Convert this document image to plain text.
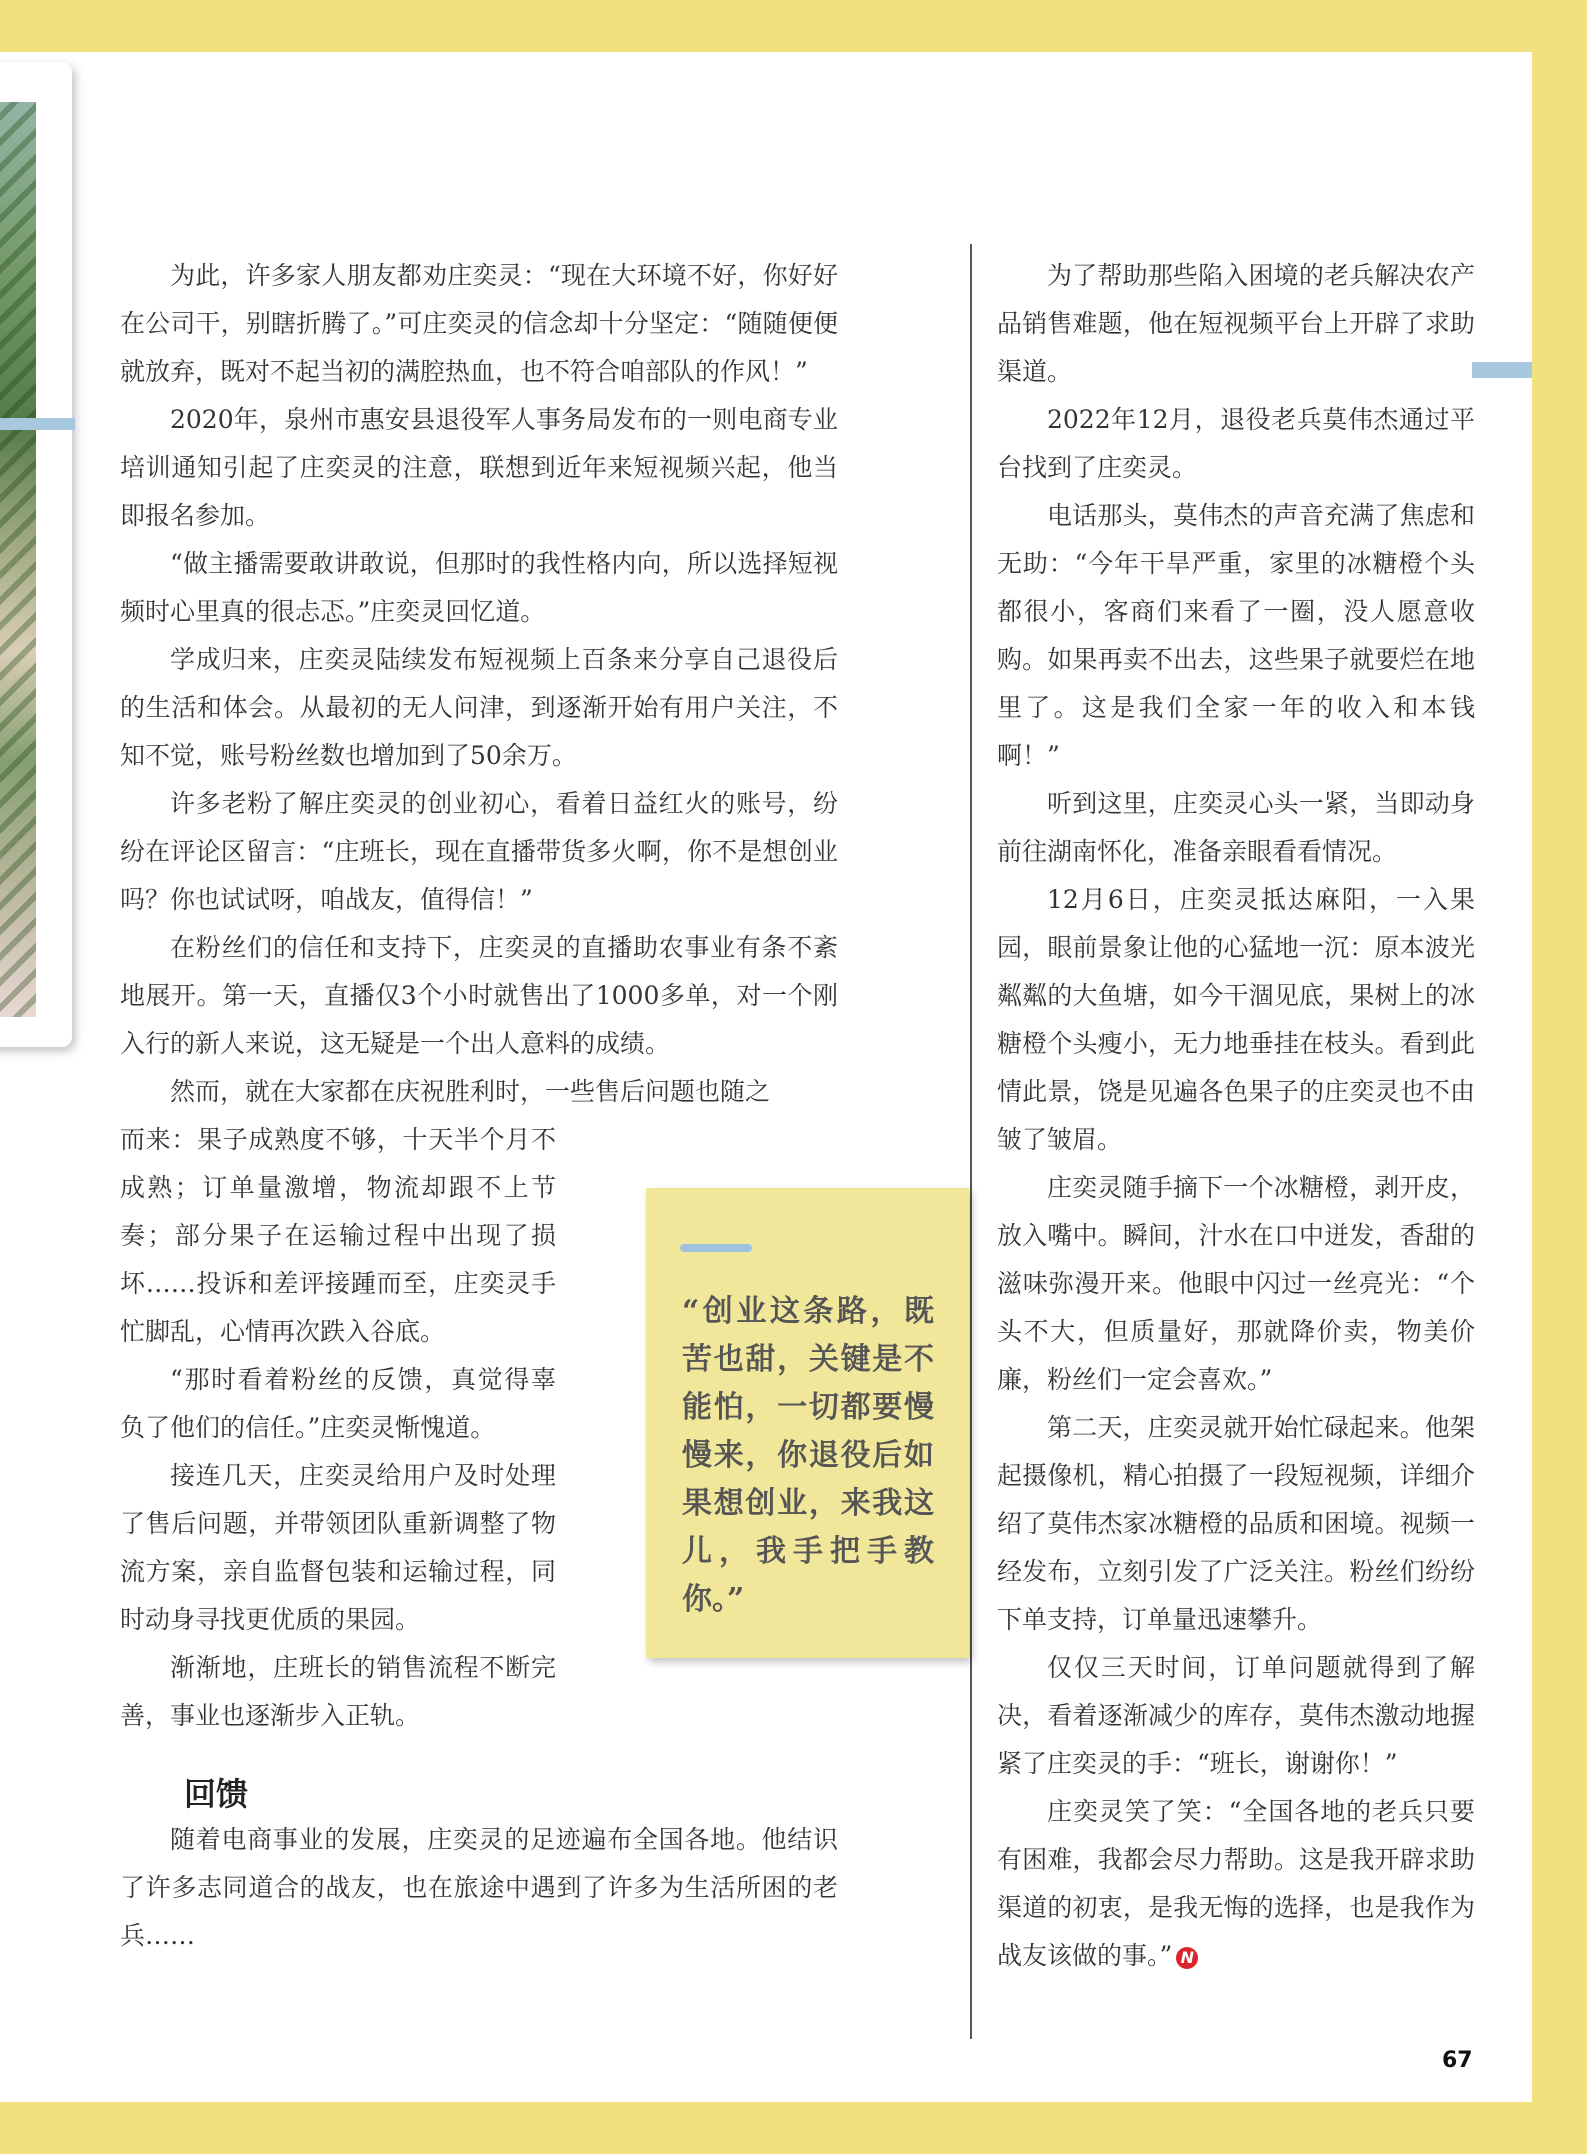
为此，许多家人朋友都劝庄奕灵：“现在大环境不好，你好好在公司干，别瞎折腾了。”可庄奕灵的信念却十分坚定：“随随便便就放弃，既对不起当初的满腔热血，也不符合咱部队的作风！”

2020年，泉州市惠安县退役军人事务局发布的一则电商专业培训通知引起了庄奕灵的注意，联想到近年来短视频兴起，他当即报名参加。

“做主播需要敢讲敢说，但那时的我性格内向，所以选择短视频时心里真的很忐忑。”庄奕灵回忆道。

学成归来，庄奕灵陆续发布短视频上百条来分享自己退役后的生活和体会。从最初的无人问津，到逐渐开始有用户关注，不知不觉，账号粉丝数也增加到了50余万。

许多老粉了解庄奕灵的创业初心，看着日益红火的账号，纷纷在评论区留言：“庄班长，现在直播带货多火啊，你不是想创业吗？你也试试呀，咱战友，值得信！”

在粉丝们的信任和支持下，庄奕灵的直播助农事业有条不紊地展开。第一天，直播仅3个小时就售出了1000多单，对一个刚入行的新人来说，这无疑是一个出人意料的成绩。

然而，就在大家都在庆祝胜利时，一些售后问题也随之

而来：果子成熟度不够，十天半个月不成熟；订单量激增，物流却跟不上节奏；部分果子在运输过程中出现了损坏……投诉和差评接踵而至，庄奕灵手忙脚乱，心情再次跌入谷底。

“那时看着粉丝的反馈，真觉得辜负了他们的信任。”庄奕灵惭愧道。

接连几天，庄奕灵给用户及时处理了售后问题，并带领团队重新调整了物流方案，亲自监督包装和运输过程，同时动身寻找更优质的果园。

渐渐地，庄班长的销售流程不断完善，事业也逐渐步入正轨。

回馈

随着电商事业的发展，庄奕灵的足迹遍布全国各地。他结识了许多志同道合的战友，也在旅途中遇到了许多为生活所困的老兵……

为了帮助那些陷入困境的老兵解决农产品销售难题，他在短视频平台上开辟了求助渠道。

2022年12月，退役老兵莫伟杰通过平台找到了庄奕灵。

电话那头，莫伟杰的声音充满了焦虑和无助：“今年干旱严重，家里的冰糖橙个头都很小，客商们来看了一圈，没人愿意收购。如果再卖不出去，这些果子就要烂在地里了。这是我们全家一年的收入和本钱啊！”

听到这里，庄奕灵心头一紧，当即动身前往湖南怀化，准备亲眼看看情况。

12月6日，庄奕灵抵达麻阳，一入果园，眼前景象让他的心猛地一沉：原本波光粼粼的大鱼塘，如今干涸见底，果树上的冰糖橙个头瘦小，无力地垂挂在枝头。看到此情此景，饶是见遍各色果子的庄奕灵也不由皱了皱眉。

庄奕灵随手摘下一个冰糖橙，剥开皮，放入嘴中。瞬间，汁水在口中迸发，香甜的滋味弥漫开来。他眼中闪过一丝亮光：“个头不大，但质量好，那就降价卖，物美价廉，粉丝们一定会喜欢。”

第二天，庄奕灵就开始忙碌起来。他架起摄像机，精心拍摄了一段短视频，详细介绍了莫伟杰家冰糖橙的品质和困境。视频一经发布，立刻引发了广泛关注。粉丝们纷纷下单支持，订单量迅速攀升。

仅仅三天时间，订单问题就得到了解决，看着逐渐减少的库存，莫伟杰激动地握紧了庄奕灵的手：“班长，谢谢你！”

庄奕灵笑了笑：“全国各地的老兵只要有困难，我都会尽力帮助。这是我开辟求助渠道的初衷，是我无悔的选择，也是我作为战友该做的事。” N

“创业这条路，既苦也甜，关键是不能怕，一切都要慢慢来，你退役后如果想创业，来我这儿，我手把手教你。”
67
